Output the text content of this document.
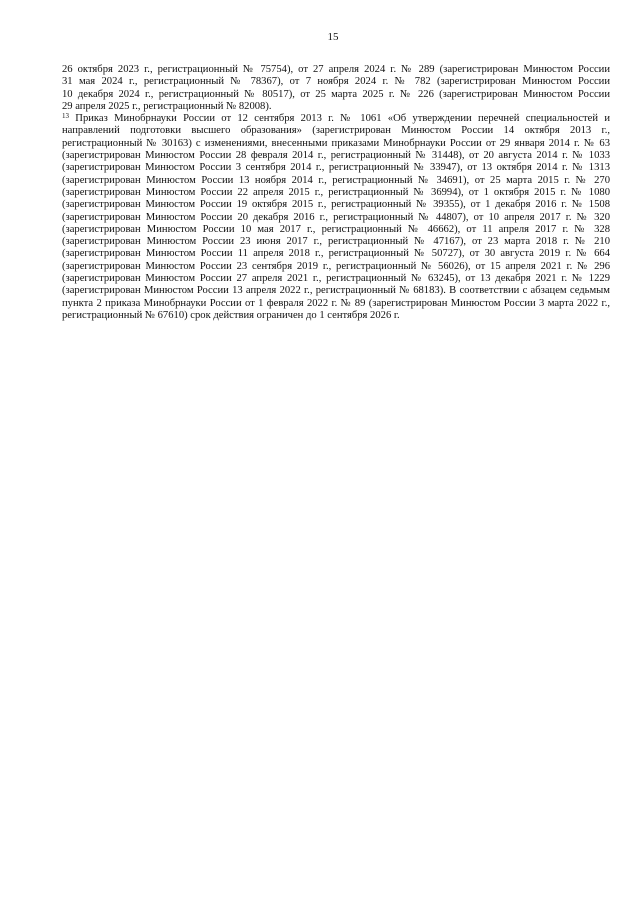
15
26 октября 2023 г., регистрационный № 75754), от 27 апреля 2024 г. № 289 (зарегистрирован Минюстом России
31 мая 2024 г., регистрационный № 78367), от 7 ноября 2024 г. № 782 (зарегистрирован Минюстом России
10 декабря 2024 г., регистрационный № 80517), от 25 марта 2025 г. № 226 (зарегистрирован Минюстом России
29 апреля 2025 г., регистрационный № 82008).
$^{13}$ Приказ Минобрнауки России от 12 сентября 2013 г. № 1061 «Об утверждении перечней специальностей и
направлений подготовки высшего образования» (зарегистрирован Минюстом России 14 октября 2013 г.,
регистрационный № 30163) с изменениями, внесенными приказами Минобрнауки России от 29 января 2014 г. № 63
(зарегистрирован Минюстом России 28 февраля 2014 г., регистрационный № 31448), от 20 августа 2014 г. № 1033
(зарегистрирован Минюстом России 3 сентября 2014 г., регистрационный № 33947), от 13 октября 2014 г. № 1313
(зарегистрирован Минюстом России 13 ноября 2014 г., регистрационный № 34691), от 25 марта 2015 г. № 270
(зарегистрирован Минюстом России 22 апреля 2015 г., регистрационный № 36994), от 1 октября 2015 г. № 1080
(зарегистрирован Минюстом России 19 октября 2015 г., регистрационный № 39355), от 1 декабря 2016 г. № 1508
(зарегистрирован Минюстом России 20 декабря 2016 г., регистрационный № 44807), от 10 апреля 2017 г. № 320
(зарегистрирован Минюстом России 10 мая 2017 г., регистрационный № 46662), от 11 апреля 2017 г. № 328
(зарегистрирован Минюстом России 23 июня 2017 г., регистрационный № 47167), от 23 марта 2018 г. № 210
(зарегистрирован Минюстом России 11 апреля 2018 г., регистрационный № 50727), от 30 августа 2019 г. № 664
(зарегистрирован Минюстом России 23 сентября 2019 г., регистрационный № 56026), от 15 апреля 2021 г. № 296
(зарегистрирован Минюстом России 27 апреля 2021 г., регистрационный № 63245), от 13 декабря 2021 г. № 1229
(зарегистрирован Минюстом России 13 апреля 2022 г., регистрационный № 68183). В соответствии с абзацем седьмым
пункта 2 приказа Минобрнауки России от 1 февраля 2022 г. № 89 (зарегистрирован Минюстом России 3 марта 2022 г.,
регистрационный № 67610) срок действия ограничен до 1 сентября 2026 г.
